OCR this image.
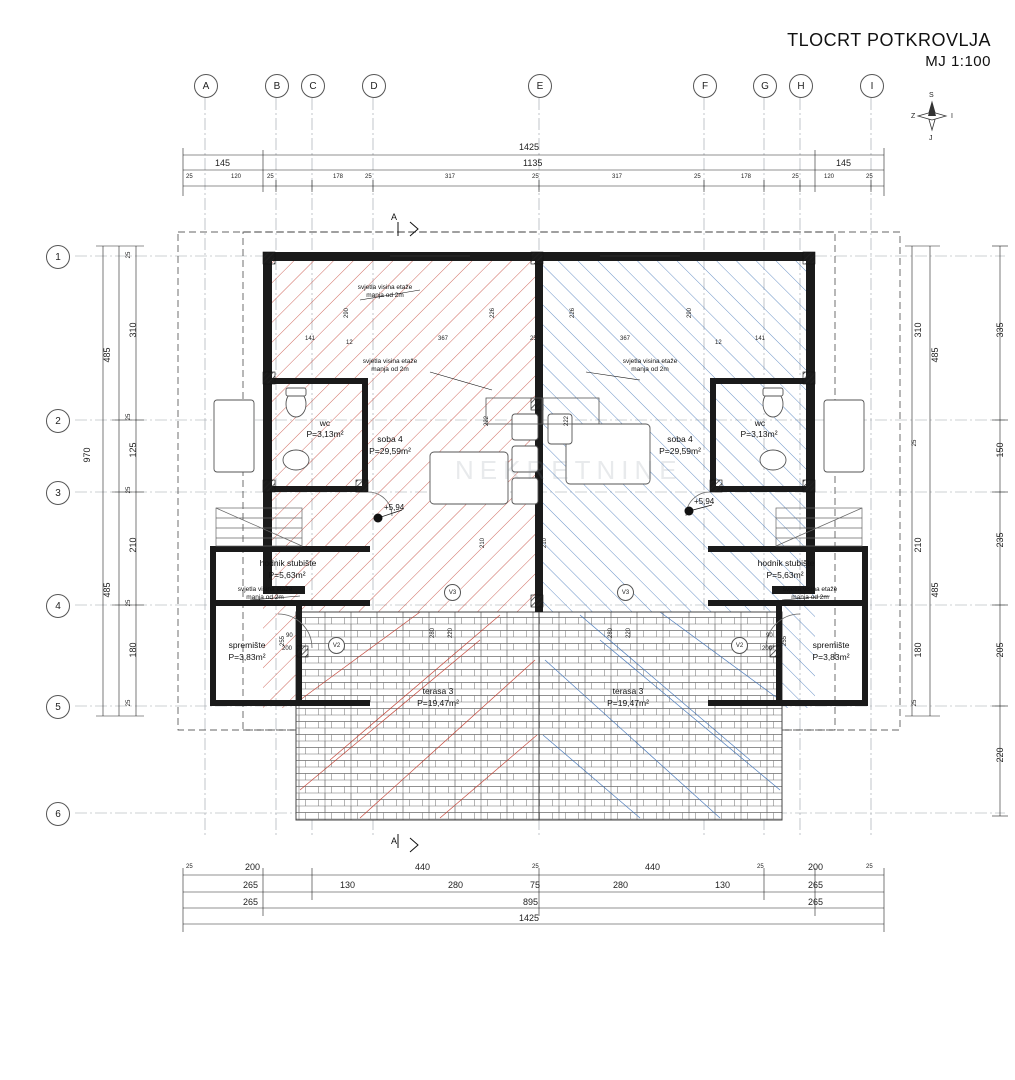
NEKRETNINE
TLOCRT POTKROVLJA
MJ 1:100
S
J
I
Z
A	B	C	D	E	F	G	H	I
1
2
3
4
5
6
1425
145	145
1135
25	120	25	178	25	317	25	317	25	178	25	120	25
485
970
485
310
125
210
180
25
25
25
25
25
310
25
210
180
25
485
485
335
150
235
205
220
25	200	440	25	440	25	200	25
265	130	280	75	280	130	265
265	895	265
1425
290	226
25
226	290
141
12
367	367
12
141
222	222
210	210
280 220	280 220
255	255
90
200
90
200
wc
P=3,13m²	soba 4
P=29,59m²
soba 4
P=29,59m²
wc
P=3,13m²
hodnik stubište
P=5,63m²
hodnik stubište
P=5,63m²
spremište
P=3,83m²
spremište
P=3,83m²
terasa 3
P=19,47m²
terasa 3
P=19,47m²
svjetla visina etaže
manja od 2m
svjetla visina etaže
manja od 2m
svjetla visina etaže
manja od 2m
svjetla visina etaže
manja od 2m
svjetla visina etaže
manja od 2m
+5,94
+5,94
A
A
V3	V3
V2	V2
